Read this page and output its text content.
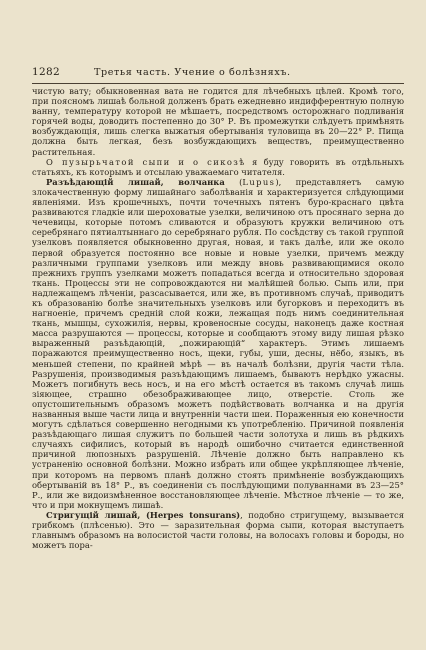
1282	Третья часть. Учение о болѣзняхъ.

чистую вату; обыкновенная вата не годится для лѣчебныхъ цѣлей. Кромѣ того, при поясномъ лишаѣ больной долженъ брать ежедневно индифферентную полную ванну, температуру которой не мѣшаетъ, посредствомъ осторожнаго подливанія горячей воды, доводить постепенно до 30° Р. Въ промежутки слѣдуетъ примѣнять возбуждающія, лишь слегка выжатыя обертыванія туловища въ 20—22° Р. Пища должна быть легкая, безъ возбуждающихъ веществъ, преимущественно растительная.

О пузырьчатой сыпи и о сикозѣ я буду говорить въ отдѣльныхъ статьяхъ, къ которымъ и отсылаю уважаемаго читателя.

Разъѣдающій лишай, волчанка (Lupus), представляетъ самую злокачественную форму лишайнаго заболѣванія и характеризуется слѣдующими явленіями. Изъ крошечныхъ, почти точечныхъ пятенъ буро-краснаго цвѣта развиваются гладкіе или шероховатые узелки, величиною отъ просянаго зерна до чечевицы, которые потомъ сливаются и образуютъ кружки величиною отъ серебрянаго пятиалтыннаго до серебрянаго рубля. По сосѣдству съ такой группой узелковъ появляется обыкновенно другая, новая, и такъ далѣе, или же около первой образуется постоянно все новые и новые узелки, причемъ между различными группами узелковъ или между вновь развивающимися около прежнихъ группъ узелками можетъ попадаться всегда и относительно здоровая ткань. Процессы эти не сопровождаются ни малѣйшей болью. Сыпь или, при надлежащемъ лѣченіи, разсасывается, или же, въ противномъ случаѣ, приводитъ къ образованію болѣе значительныхъ узелковъ или бугорковъ и переходитъ въ нагноеніе, причемъ средній слой кожи, лежащая подъ нимъ соединительная ткань, мышцы, сухожилія, нервы, кровеносные сосуды, наконецъ даже костная масса разрушаются — процессы, которые и сообщаютъ этому виду лишая рѣзко выраженный разъѣдающій, „пожирающій“ характеръ. Этимъ лишаемъ поражаются преимущественно носъ, щеки, губы, уши, десны, нёбо, языкъ, въ меньшей степени, по крайней мѣрѣ — въ началѣ болѣзни, другія части тѣла. Разрушенія, производимыя разъѣдающимъ лишаемъ, бываютъ нерѣдко ужасны. Можетъ погибнуть весь носъ, и на его мѣстѣ остается въ такомъ случаѣ лишь зіяющее, страшно обезображивающее лицо, отверстіе. Столь же опустошительнымъ образомъ можетъ подѣйствовать волчанка и на другія названныя выше части лица и внутренніи части шеи. Пораженныя ею конечности могутъ сдѣлаться совершенно негодными къ употребленію. Причиной появленія разъѣдающаго лишая служитъ по большей части золотуха и лишь въ рѣдкихъ случаяхъ сифилисъ, который въ народѣ ошибочно считается единственной причиной люпозныхъ разрушеній. Лѣченіе должно быть направлено къ устраненію основной болѣзни. Можно избрать или общее укрѣпляющее лѣченіе, при которомъ на первомъ планѣ должно стоять примѣненіе возбуждающихъ обертываній въ 18° Р., въ соединеніи съ послѣдующими полуваннами въ 23—25° Р., или же видоизмѣненное восстановляющее лѣченіе. Мѣстное лѣченіе — то же, что и при мокнущемъ лишаѣ.

Стригущій лишай, (Herpes tonsurans), подобно стригущему, вызывается грибкомъ (плѣсенью). Это — заразительная форма сыпи, которая выступаетъ главнымъ образомъ на волосистой части головы, на волосахъ головы и бороды, но можетъ пора-
